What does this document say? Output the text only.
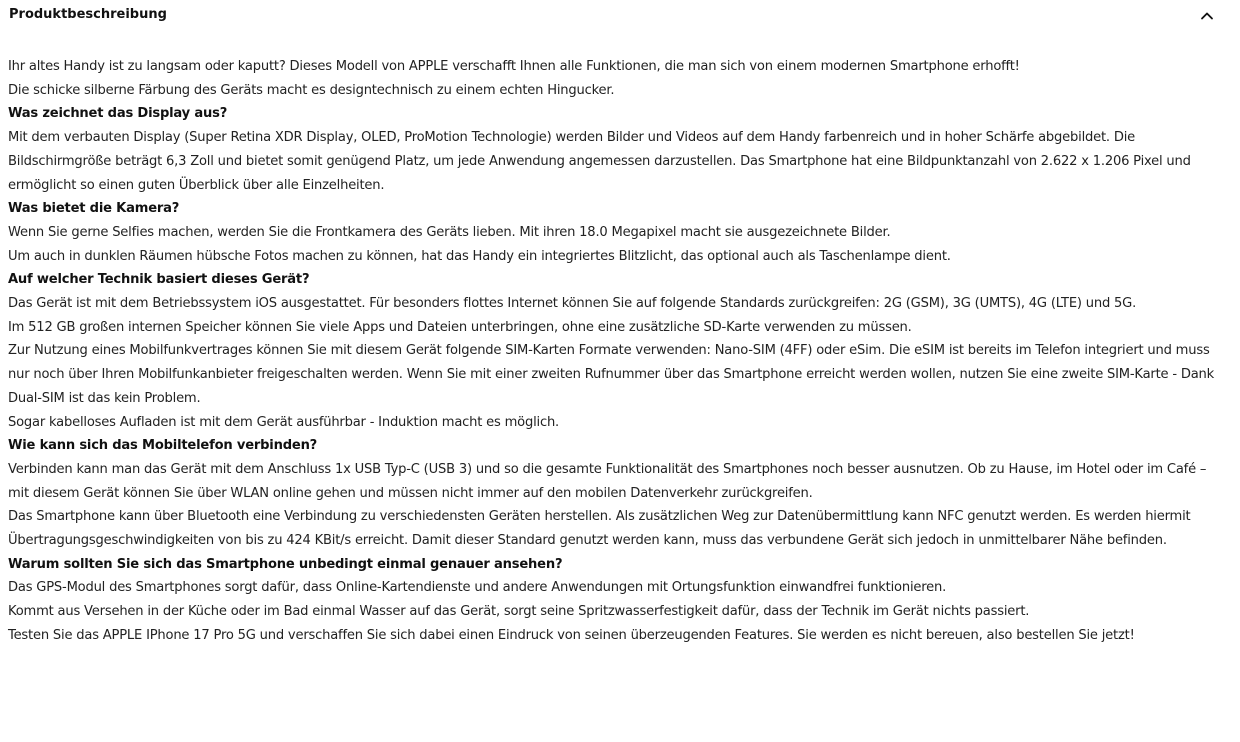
Produktbeschreibung

Ihr altes Handy ist zu langsam oder kaputt? Dieses Modell von APPLE verschafft Ihnen alle Funktionen, die man sich von einem modernen Smartphone erhofft!

Die schicke silberne Färbung des Geräts macht es designtechnisch zu einem echten Hingucker.

Was zeichnet das Display aus?

Mit dem verbauten Display (Super Retina XDR Display, OLED, ProMotion Technologie) werden Bilder und Videos auf dem Handy farbenreich und in hoher Schärfe abgebildet. Die Bildschirmgröße beträgt 6,3 Zoll und bietet somit genügend Platz, um jede Anwendung angemessen darzustellen. Das Smartphone hat eine Bildpunktanzahl von 2.622 x 1.206 Pixel und ermöglicht so einen guten Überblick über alle Einzelheiten.

Was bietet die Kamera?

Wenn Sie gerne Selfies machen, werden Sie die Frontkamera des Geräts lieben. Mit ihren 18.0 Megapixel macht sie ausgezeichnete Bilder.

Um auch in dunklen Räumen hübsche Fotos machen zu können, hat das Handy ein integriertes Blitzlicht, das optional auch als Taschenlampe dient.

Auf welcher Technik basiert dieses Gerät?

Das Gerät ist mit dem Betriebssystem iOS ausgestattet. Für besonders flottes Internet können Sie auf folgende Standards zurückgreifen: 2G (GSM), 3G (UMTS), 4G (LTE) und 5G.

Im 512 GB großen internen Speicher können Sie viele Apps und Dateien unterbringen, ohne eine zusätzliche SD-Karte verwenden zu müssen.

Zur Nutzung eines Mobilfunkvertrages können Sie mit diesem Gerät folgende SIM-Karten Formate verwenden: Nano-SIM (4FF) oder eSim. Die eSIM ist bereits im Telefon integriert und muss nur noch über Ihren Mobilfunkanbieter freigeschalten werden. Wenn Sie mit einer zweiten Rufnummer über das Smartphone erreicht werden wollen, nutzen Sie eine zweite SIM-Karte - Dank Dual-SIM ist das kein Problem.

Sogar kabelloses Aufladen ist mit dem Gerät ausführbar - Induktion macht es möglich.

Wie kann sich das Mobiltelefon verbinden?

Verbinden kann man das Gerät mit dem Anschluss 1x USB Typ-C (USB 3) und so die gesamte Funktionalität des Smartphones noch besser ausnutzen. Ob zu Hause, im Hotel oder im Café – mit diesem Gerät können Sie über WLAN online gehen und müssen nicht immer auf den mobilen Datenverkehr zurückgreifen.

Das Smartphone kann über Bluetooth eine Verbindung zu verschiedensten Geräten herstellen. Als zusätzlichen Weg zur Datenübermittlung kann NFC genutzt werden. Es werden hiermit Übertragungsgeschwindigkeiten von bis zu 424 KBit/s erreicht. Damit dieser Standard genutzt werden kann, muss das verbundene Gerät sich jedoch in unmittelbarer Nähe befinden.

Warum sollten Sie sich das Smartphone unbedingt einmal genauer ansehen?

Das GPS-Modul des Smartphones sorgt dafür, dass Online-Kartendienste und andere Anwendungen mit Ortungsfunktion einwandfrei funktionieren.

Kommt aus Versehen in der Küche oder im Bad einmal Wasser auf das Gerät, sorgt seine Spritzwasserfestigkeit dafür, dass der Technik im Gerät nichts passiert.

Testen Sie das APPLE IPhone 17 Pro 5G und verschaffen Sie sich dabei einen Eindruck von seinen überzeugenden Features. Sie werden es nicht bereuen, also bestellen Sie jetzt!
